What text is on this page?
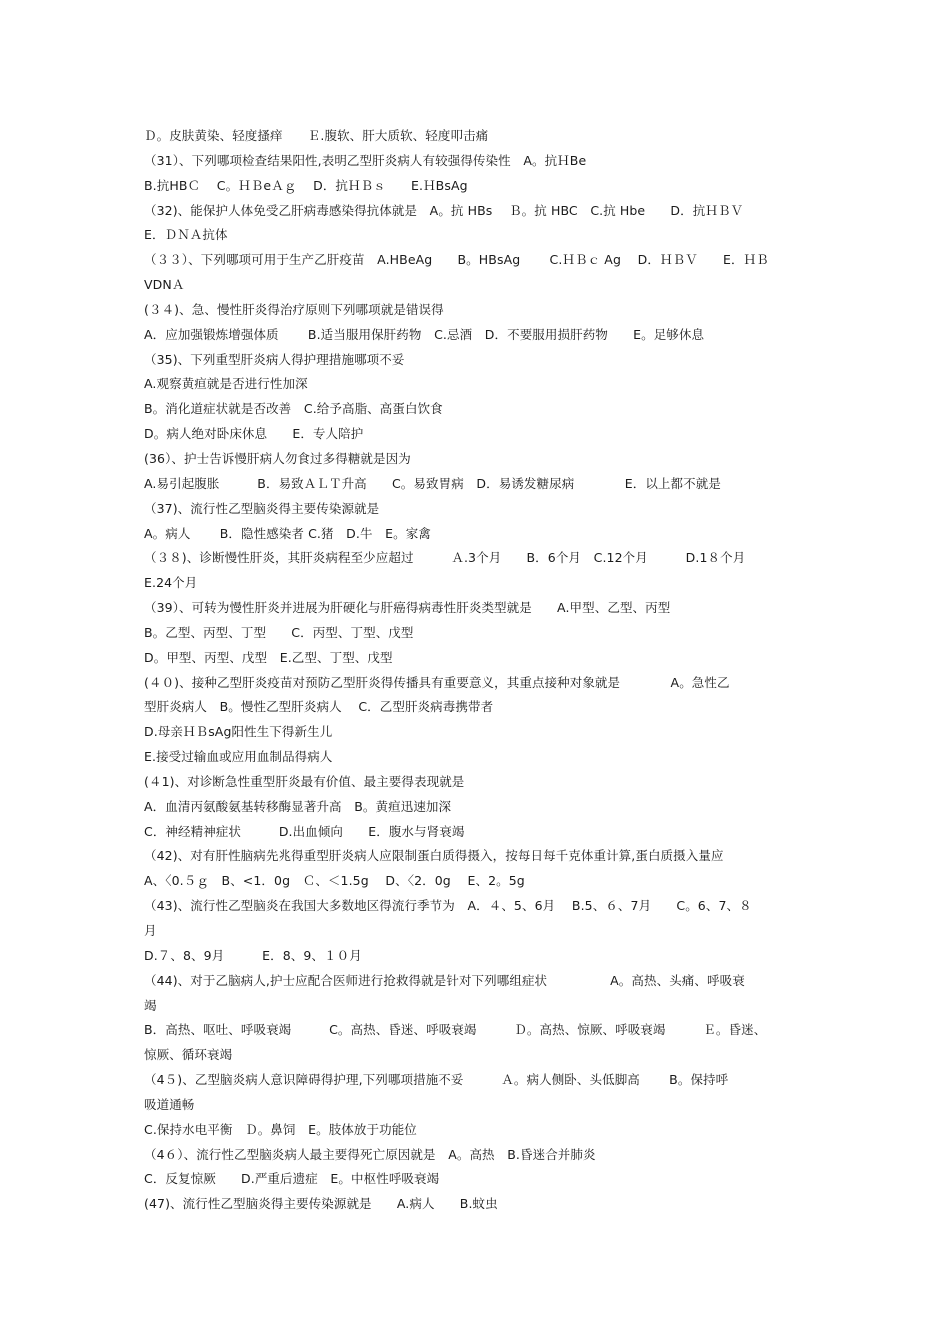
Ｄ。皮肤黄染、轻度搔痒　　Ｅ.腹软、肝大质软、轻度叩击痛
（31）、下列哪项检查结果阳性,表明乙型肝炎病人有较强得传染性　A。抗ＨBe
B.抗HBＣ　 C。ＨＢeＡｇ　 D．抗ＨＢｓ　　E.ＨBsAg
（32)、能保护人体免受乙肝病毒感染得抗体就是　A。抗 HBs　 Ｂ。抗 HBC　C.抗 Hbe　　D．抗ＨＢＶ
E．ＤＮＡ抗体
（３３）、下列哪项可用于生产乙肝疫苗　A.HBeAg　　B。HBsAg　　 C.ＨＢｃ Ag　 D．ＨＢＶ　　E．ＨＢ
VDNＡ
(３４)、急、慢性肝炎得治疗原则下列哪项就是错误得
A．应加强锻炼增强体质　　 B.适当服用保肝药物　C.忌酒　D．不要服用损肝药物　　E。足够休息
（35)、下列重型肝炎病人得护理措施哪项不妥
A.观察黄疸就是否进行性加深
B。消化道症状就是否改善　C.给予高脂、高蛋白饮食
D。病人绝对卧床休息　　E．专人陪护
(36）、护士告诉慢肝病人勿食过多得糖就是因为
A.易引起腹胀　　　B．易致ＡＬＴ升高　　C。易致胃病　D．易诱发糖尿病　　　　E．以上都不就是
（37)、流行性乙型脑炎得主要传染源就是
A。病人　　 B．隐性感染者 C.猪　D.牛　E。家禽
（３８)、诊断慢性肝炎，其肝炎病程至少应超过　　　Ａ.3个月　　B．6个月　C.12个月　　　D.1８个月
E.24个月
（39）、可转为慢性肝炎并进展为肝硬化与肝癌得病毒性肝炎类型就是　　A.甲型、乙型、丙型
B。乙型、丙型、丁型　　C．丙型、丁型、戊型
D。甲型、丙型、戊型　E.乙型、丁型、戊型
(４０)、接种乙型肝炎疫苗对预防乙型肝炎得传播具有重要意义，其重点接种对象就是　　　　A。急性乙
型肝炎病人　B。慢性乙型肝炎病人　 C．乙型肝炎病毒携带者
D.母亲ＨＢsAg阳性生下得新生儿
E.接受过输血或应用血制品得病人
(４1)、对诊断急性重型肝炎最有价值、最主要得表现就是
A．血清丙氨酸氨基转移酶显著升高　B。黄疸迅速加深
C．神经精神症状　　　D.出血倾向　　E．腹水与肾衰竭
（42)、对有肝性脑病先兆得重型肝炎病人应限制蛋白质得摄入，按每日每千克体重计算,蛋白质摄入量应
A、〈0.５ｇ　B、<1．0g　Ｃ、＜1.5g　 D、〈2．0g　 E、2。5g
（43)、流行性乙型脑炎在我国大多数地区得流行季节为　A．４、5、6月　 B.5、６、7月　　C。6、7、８
月
D.７、8、9月　　　E．8、9、１０月
（44)、对于乙脑病人,护士应配合医师进行抢救得就是针对下列哪组症状　　　　　A。高热、头痛、呼吸衰
竭
B．高热、呕吐、呼吸衰竭　　　C。高热、昏迷、呼吸衰竭　　　Ｄ。高热、惊厥、呼吸衰竭　　　Ｅ。昏迷、
惊厥、循环衰竭
（4５)、乙型脑炎病人意识障碍得护理,下列哪项措施不妥　　　Ａ。病人侧卧、头低脚高　　 B。保持呼
吸道通畅
C.保持水电平衡　Ｄ。鼻饲　E。肢体放于功能位
（4６）、流行性乙型脑炎病人最主要得死亡原因就是　A。高热　B.昏迷合并肺炎
C．反复惊厥　　D.严重后遗症　E。中枢性呼吸衰竭
(47)、流行性乙型脑炎得主要传染源就是　　A.病人　　B.蚊虫
